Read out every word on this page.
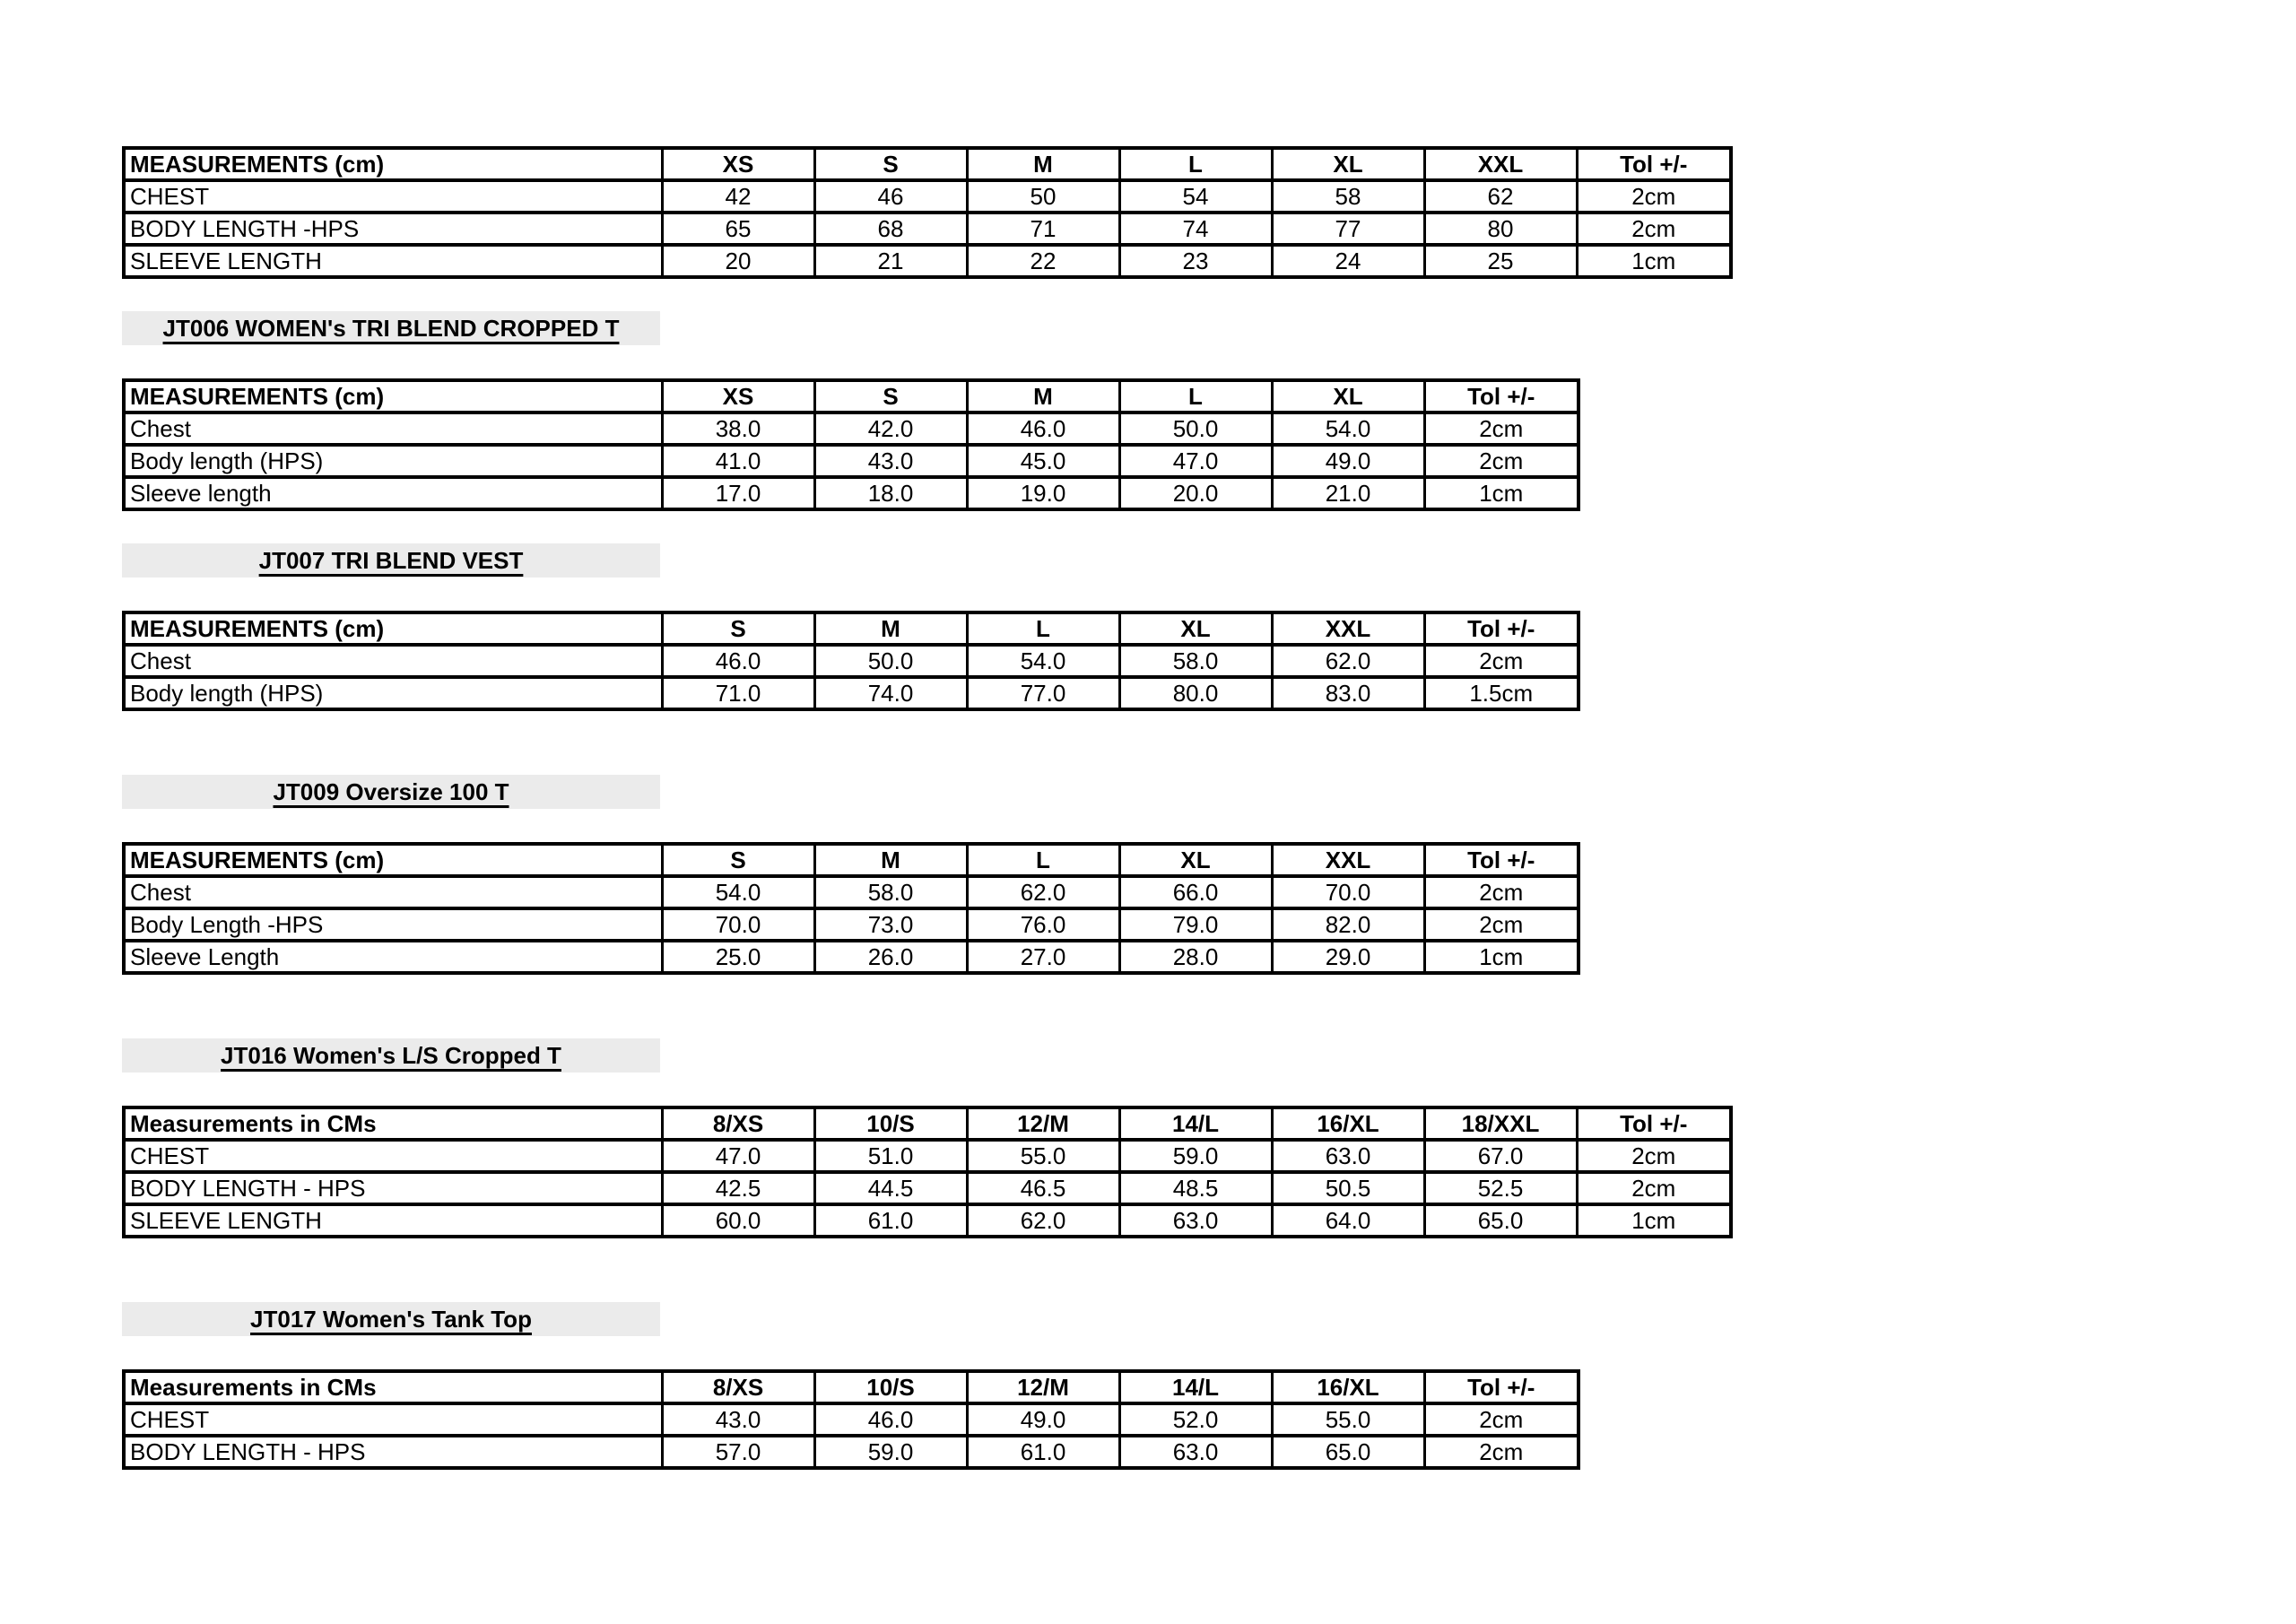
MEASUREMENTS (cm)	XS	S	M	L	XL	XXL	Tol +/-
CHEST	42	46	50	54	58	62	2cm
BODY LENGTH -HPS	65	68	71	74	77	80	2cm
SLEEVE LENGTH	20	21	22	23	24	25	1cm
JT006 WOMEN's TRI BLEND CROPPED T
MEASUREMENTS (cm)	XS	S	M	L	XL	Tol +/-
Chest	38.0	42.0	46.0	50.0	54.0	2cm
Body length (HPS)	41.0	43.0	45.0	47.0	49.0	2cm
Sleeve length	17.0	18.0	19.0	20.0	21.0	1cm
JT007 TRI BLEND VEST
MEASUREMENTS (cm)	S	M	L	XL	XXL	Tol +/-
Chest	46.0	50.0	54.0	58.0	62.0	2cm
Body length (HPS)	71.0	74.0	77.0	80.0	83.0	1.5cm
JT009 Oversize 100 T
MEASUREMENTS (cm)	S	M	L	XL	XXL	Tol +/-
Chest	54.0	58.0	62.0	66.0	70.0	2cm
Body Length -HPS	70.0	73.0	76.0	79.0	82.0	2cm
Sleeve Length	25.0	26.0	27.0	28.0	29.0	1cm
JT016 Women's L/S Cropped T
Measurements in CMs	8/XS	10/S	12/M	14/L	16/XL	18/XXL	Tol +/-
CHEST	47.0	51.0	55.0	59.0	63.0	67.0	2cm
BODY LENGTH - HPS	42.5	44.5	46.5	48.5	50.5	52.5	2cm
SLEEVE LENGTH	60.0	61.0	62.0	63.0	64.0	65.0	1cm
JT017 Women's Tank Top
Measurements in CMs	8/XS	10/S	12/M	14/L	16/XL	Tol +/-
CHEST	43.0	46.0	49.0	52.0	55.0	2cm
BODY LENGTH - HPS	57.0	59.0	61.0	63.0	65.0	2cm
